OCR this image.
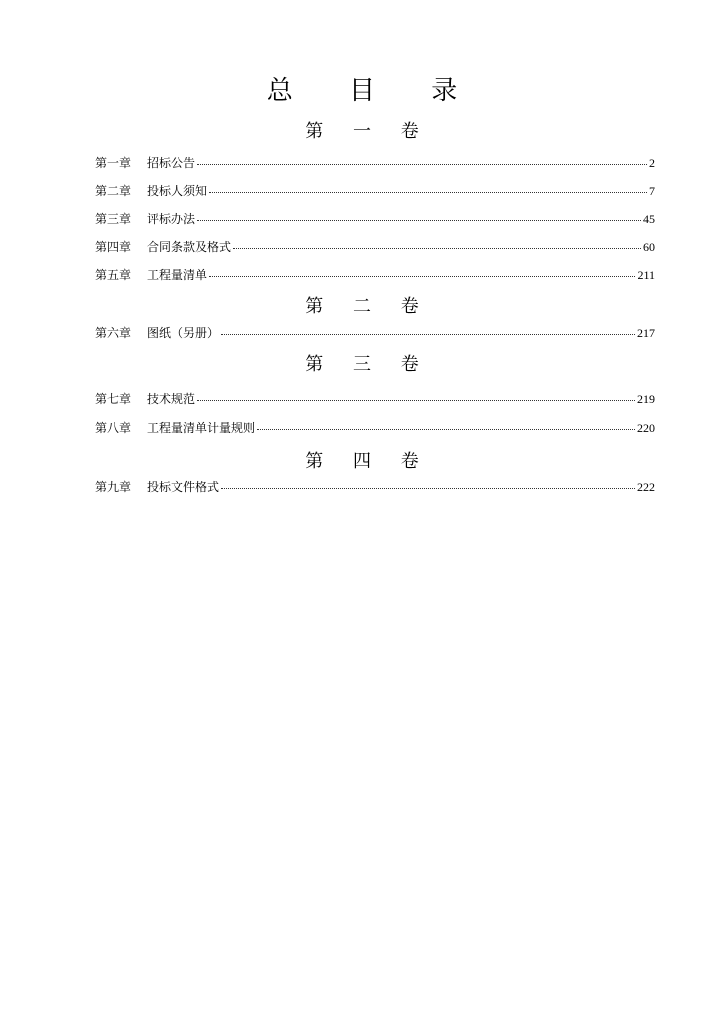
总 目 录
第 一 卷
第一章	招标公告	2
第二章	投标人须知	7
第三章	评标办法	45
第四章	合同条款及格式	60
第五章	工程量清单	211
第 二 卷
第六章	图纸（另册）	217
第 三 卷
第七章	技术规范	219
第八章	工程量清单计量规则	220
第 四 卷
第九章	投标文件格式	222
